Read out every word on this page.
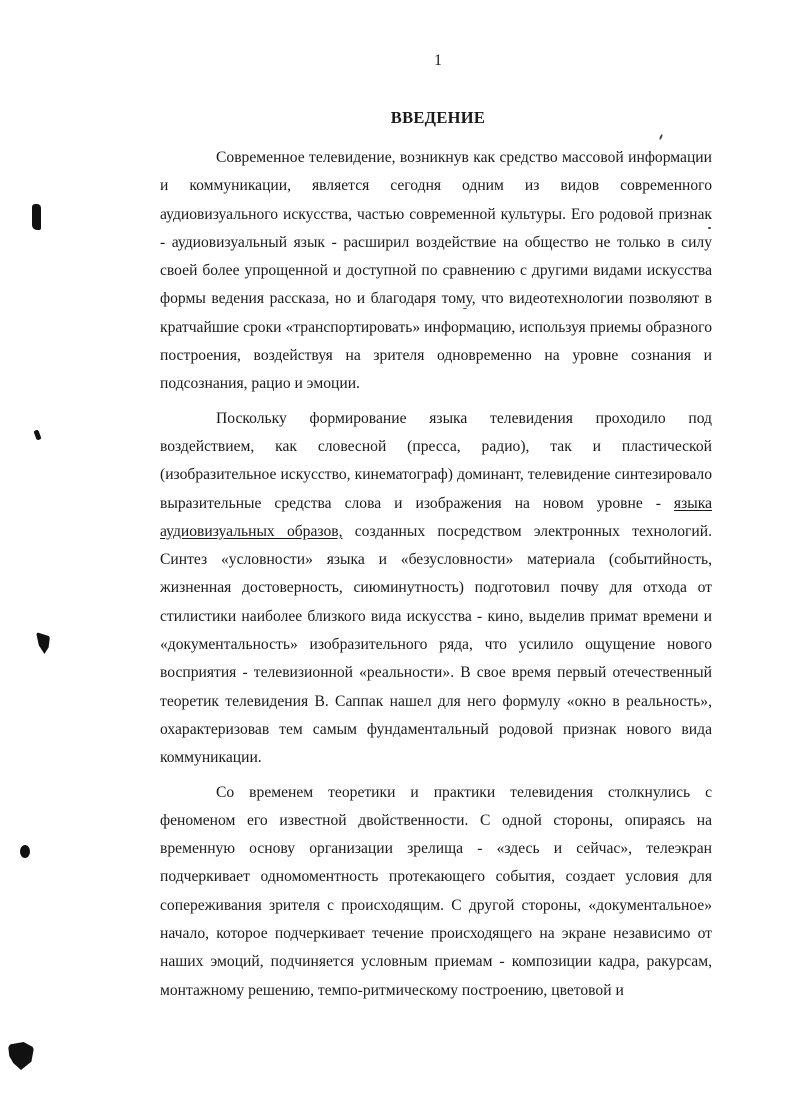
1
ВВЕДЕНИЕ

Современное телевидение, возникнув как средство массовой информации и коммуникации, является сегодня одним из видов современного аудиовизуального искусства, частью современной культуры. Его родовой признак - аудиовизуальный язык - расширил воздействие на общество не только в силу своей более упрощенной и доступной по сравнению с другими видами искусства формы ведения рассказа, но и благодаря тому, что видеотехнологии позволяют в кратчайшие сроки «транспортировать» информацию, используя приемы образного построения, воздействуя на зрителя одновременно на уровне сознания и подсознания, рацио и эмоции.

Поскольку формирование языка телевидения проходило под воздействием, как словесной (пресса, радио), так и пластической (изобразительное искусство, кинематограф) доминант, телевидение синтезировало выразительные средства слова и изображения на новом уровне - языка аудиовизуальных образов, созданных посредством электронных технологий. Синтез «условности» языка и «безусловности» материала (событийность, жизненная достоверность, сиюминутность) подготовил почву для отхода от стилистики наиболее близкого вида искусства - кино, выделив примат времени и «документальность» изобразительного ряда, что усилило ощущение нового восприятия - телевизионной «реальности». В свое время первый отечественный теоретик телевидения В. Саппак нашел для него формулу «окно в реальность», охарактеризовав тем самым фундаментальный родовой признак нового вида коммуникации.

Со временем теоретики и практики телевидения столкнулись с феноменом его известной двойственности. С одной стороны, опираясь на временную основу организации зрелища - «здесь и сейчас», телеэкран подчеркивает одномоментность протекающего события, создает условия для сопереживания зрителя с происходящим. С другой стороны, «документальное» начало, которое подчеркивает течение происходящего на экране независимо от наших эмоций, подчиняется условным приемам - композиции кадра, ракурсам, монтажному решению, темпо-ритмическому построению, цветовой и
